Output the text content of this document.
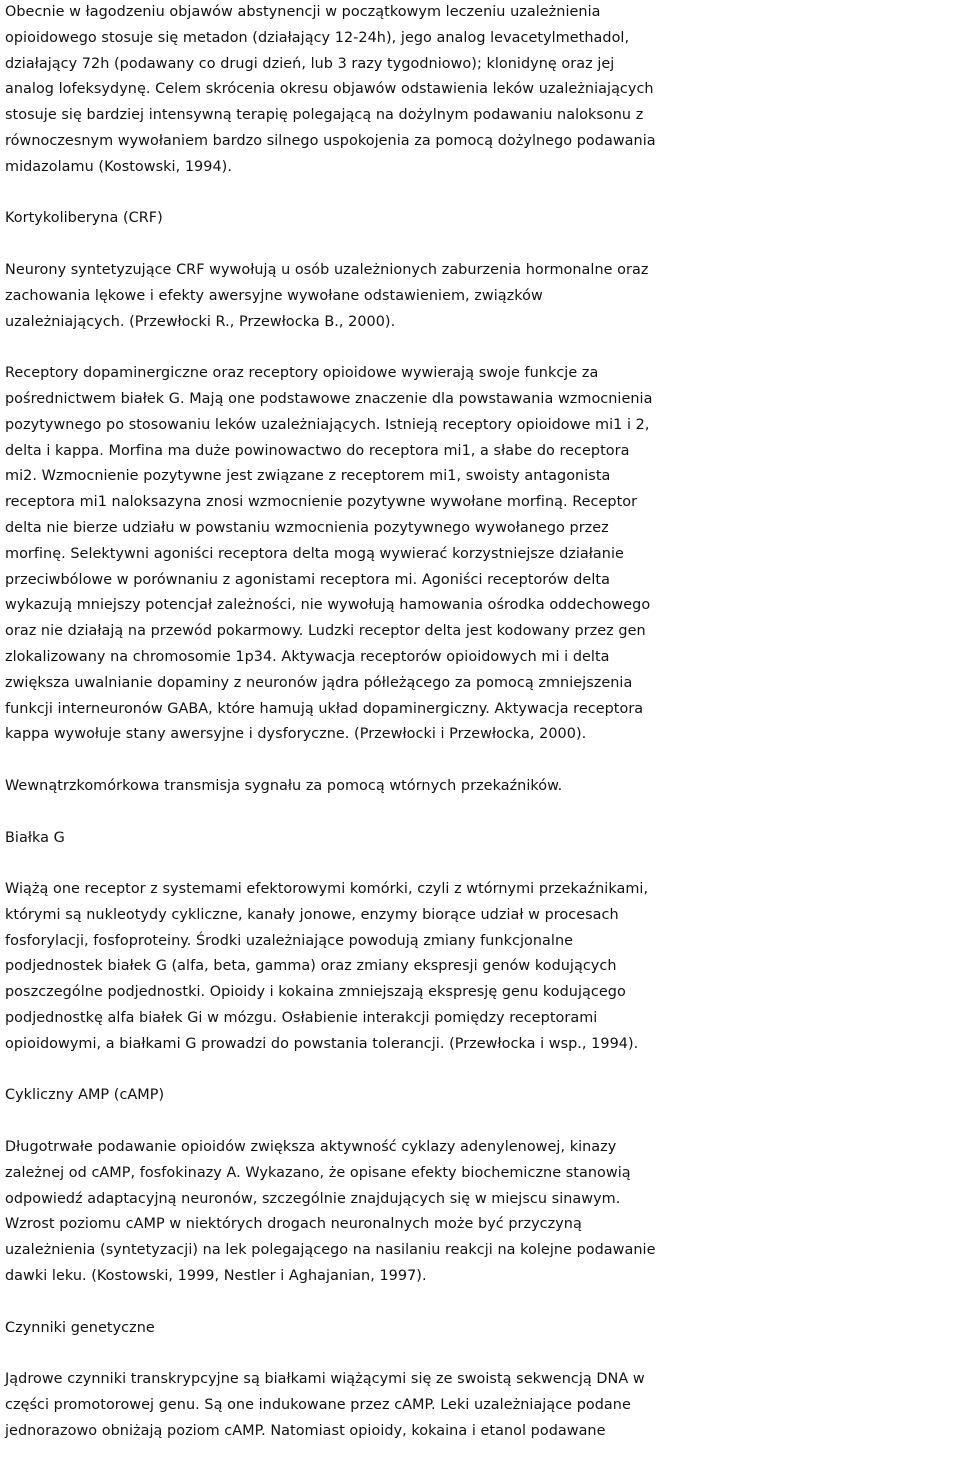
Obecnie w łagodzeniu objawów abstynencji w początkowym leczeniu uzależnienia
opioidowego stosuje się metadon (działający 12-24h), jego analog levacetylmethadol,
działający 72h (podawany co drugi dzień, lub 3 razy tygodniowo); klonidynę oraz jej
analog lofeksydynę. Celem skrócenia okresu objawów odstawienia leków uzależniających
stosuje się bardziej intensywną terapię polegającą na dożylnym podawaniu naloksonu z
równoczesnym wywołaniem bardzo silnego uspokojenia za pomocą dożylnego podawania
midazolamu (Kostowski, 1994).
Kortykoliberyna (CRF)
Neurony syntetyzujące CRF wywołują u osób uzależnionych zaburzenia hormonalne oraz
zachowania lękowe i efekty awersyjne wywołane odstawieniem, związków
uzależniających. (Przewłocki R., Przewłocka B., 2000).
Receptory dopaminergiczne oraz receptory opioidowe wywierają swoje funkcje za
pośrednictwem białek G. Mają one podstawowe znaczenie dla powstawania wzmocnienia
pozytywnego po stosowaniu leków uzależniających. Istnieją receptory opioidowe mi1 i 2,
delta i kappa. Morfina ma duże powinowactwo do receptora mi1, a słabe do receptora
mi2. Wzmocnienie pozytywne jest związane z receptorem mi1, swoisty antagonista
receptora mi1 naloksazyna znosi wzmocnienie pozytywne wywołane morfiną. Receptor
delta nie bierze udziału w powstaniu wzmocnienia pozytywnego wywołanego przez
morfinę. Selektywni agoniści receptora delta mogą wywierać korzystniejsze działanie
przeciwbólowe w porównaniu z agonistami receptora mi. Agoniści receptorów delta
wykazują mniejszy potencjał zależności, nie wywołują hamowania ośrodka oddechowego
oraz nie działają na przewód pokarmowy. Ludzki receptor delta jest kodowany przez gen
zlokalizowany na chromosomie 1p34. Aktywacja receptorów opioidowych mi i delta
zwiększa uwalnianie dopaminy z neuronów jądra półleżącego za pomocą zmniejszenia
funkcji interneuronów GABA, które hamują układ dopaminergiczny. Aktywacja receptora
kappa wywołuje stany awersyjne i dysforyczne. (Przewłocki i Przewłocka, 2000).
Wewnątrzkomórkowa transmisja sygnału za pomocą wtórnych przekaźników.
Białka G
Wiążą one receptor z systemami efektorowymi komórki, czyli z wtórnymi przekaźnikami,
którymi są nukleotydy cykliczne, kanały jonowe, enzymy biorące udział w procesach
fosforylacji, fosfoproteiny. Środki uzależniające powodują zmiany funkcjonalne
podjednostek białek G (alfa, beta, gamma) oraz zmiany ekspresji genów kodujących
poszczególne podjednostki. Opioidy i kokaina zmniejszają ekspresję genu kodującego
podjednostkę alfa białek Gi w mózgu. Osłabienie interakcji pomiędzy receptorami
opioidowymi, a białkami G prowadzi do powstania tolerancji. (Przewłocka i wsp., 1994).
Cykliczny AMP (cAMP)
Długotrwałe podawanie opioidów zwiększa aktywność cyklazy adenylenowej, kinazy
zależnej od cAMP, fosfokinazy A. Wykazano, że opisane efekty biochemiczne stanowią
odpowiedź adaptacyjną neuronów, szczególnie znajdujących się w miejscu sinawym.
Wzrost poziomu cAMP w niektórych drogach neuronalnych może być przyczyną
uzależnienia (syntetyzacji) na lek polegającego na nasilaniu reakcji na kolejne podawanie
dawki leku. (Kostowski, 1999, Nestler i Aghajanian, 1997).
Czynniki genetyczne
Jądrowe czynniki transkrypcyjne są białkami wiążącymi się ze swoistą sekwencją DNA w
części promotorowej genu. Są one indukowane przez cAMP. Leki uzależniające podane
jednorazowo obniżają poziom cAMP. Natomiast opioidy, kokaina i etanol podawane
